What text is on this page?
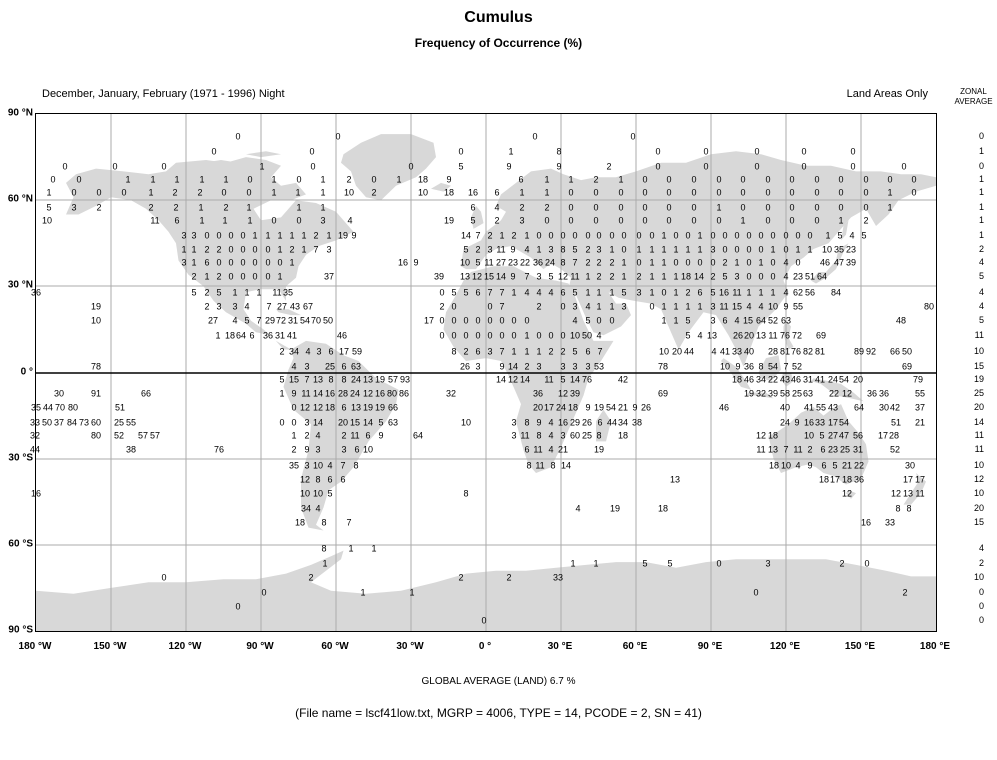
Cumulus
Frequency of Occurrence (%)
December, January, February (1971 - 1996) Night	Land Areas Only	ZONAL
AVERAGE
0	0	0	0
0	0	0	1	8	0	0	0	0	0
0	0	0	1	0	0	5	9	9	2	0	0	0	0	0	0
0 0	1 1 1 1 1 0 1 0 1 2 0 1 18 9	6 1 1 2 1 0 0 0 0 0 0 0 0 0 0 0 0
1 0 0 0 1 2 2 0 0 1 1 1 10 2	10 18 16 6 1 1 0 0 0 0 0 0 0 0 0 0 0 0 0 1 0
5 3 2	2 2 1 2 1	1 1	6 4 2 2 0 0 0 0 0 0 1 0 0 0 0 0 0 1
10	11 6 1 1 1 0 0 3 4	19 5 2 3 0 0 0 0 0 0 0 0 1 0 0 0 1 2
3 3 0 0 0 0 1 1 1 1 1 2 1 19 9	14 7 2 1 2 1 0 0 0 0 0 0 0 0 0 0 1 0 0 1 0 0 0 0 0 0 0 0 0 1 5 4 5
1 1 2 2 0 0 0 0 1 2 1 7 3	5 2 3 11 9 4 1 3 8 5 2 3 1 0 1 1 1 1 1 1 3 0 0 0 0 1 0 1 1 10 35 23
3 1 6 0 0 0 0 0 0 1	16 9	10 5 11 27 23 22 36 24 8 7 2 2 2 1 0 1 1 0 0 0 0 2 1 0 1 0 4 0 46 47 39
2 1 2 0 0 0 0 1	37	39 13 12 15 14 9 7 3 5 12 11 1 2 2 1 2 1 1 1 18 14 2 5 3 0 0 0 4 23 51 64
36	5 2 5 1 1 1 11 35	0 5 5 6 7 7 1 4 4 4 6 5 1 1 1 5 3 1 0 1 2 6 5 16 11 1 1 1 4 62 56 84
19	2 3 3 4 7 27 43 67	2 0	0 7	2 0 3 4 1 1 3	0 1 1 1 1 3 11 15 4 4 10 9 55	80
10	27 4 5 7 29 72 31 54 70 50	17 0 0 0 0 0 0 0 0	4 5 0 0	1 1 5 3 6 4 15 64 52 63	48
1 18 64 6 36 31 41	46	0 0 0 0 0 0 0 1 0 0 0 10 50 4	5 4 13 26 20 13 11 76 72 69
2 34 4 3 6 17 59	8 2 6 3 7 1 1 1 2 2 5 6 7	10 20 44 4 41 33 40 28 81 76 82 81	89 92 66 50
78	4 3 25 6 63	26 3 9 14 2 3 3 3 3 53	78	10 9 36 8 54 7 52	69
5 15 7 13 8 8 24 13 19 57 93	14 12 14 11 5 14 76	42	18 46 34 22 43 46 31 41 24 54 20	79
30	91	66	1 9 11 14 16 28 24 12 16 80 86	32	36 12 39	69	19 32 39 58 25 63 22 12 36 36	55
35 44 70 80	51	0 12 12 18 6 13 19 19 66	20 17 24 18 9 19 54 21 9 26	46	40 41 55 43 64 30 42 37
33 50 37 84 73 60 25 55	0 0 3 14 20 15 14 5 63	10	3 8 9 4 16 29 26 6 44 34 38	24 9 16 33 17 54	51 21
32	80 52 57 57	1 2 4 2 11 6 9	64	3 11 8 4 3 60 25 8 18	12 18	10 5 27 47 56 17 28
44	38	76	2 9 3 3 6 10	6 11 4 21	19	11 13 7 11 2 6 23 25 31	52
35 3 10 4 7 8	8 11 8 14	18 10 4 9 6 5 21 22	30
12 8 6 6	13	18 17 18 36	17 17
16	10 10 5	8	12	12 13 11
34 4	4	19	18	8 8
18 8 7	16 33
8 1 1
1	1 1	5 5	0	3	2 0
0	2	2	2	33
0	1	1	0	2
0
0
90 °N
60 °N
30 °N
0 °
30 °S
60 °S
90 °S
180 °W	150 °W	120 °W	90 °W	60 °W	30 °W	0 °	30 °E	60 °E	90 °E	120 °E	150 °E	180 °E
0
1
0
1
1
1
1
1
2
4
5
4
4
5
11
10
15
19
25
20
14
11
11
10
12
10
20
15
4
2
10
0
0
0
GLOBAL AVERAGE (LAND) 6.7 %
(File name = lscf41low.txt, MGRP = 4006, TYPE = 14, PCODE = 2, SN = 41)
